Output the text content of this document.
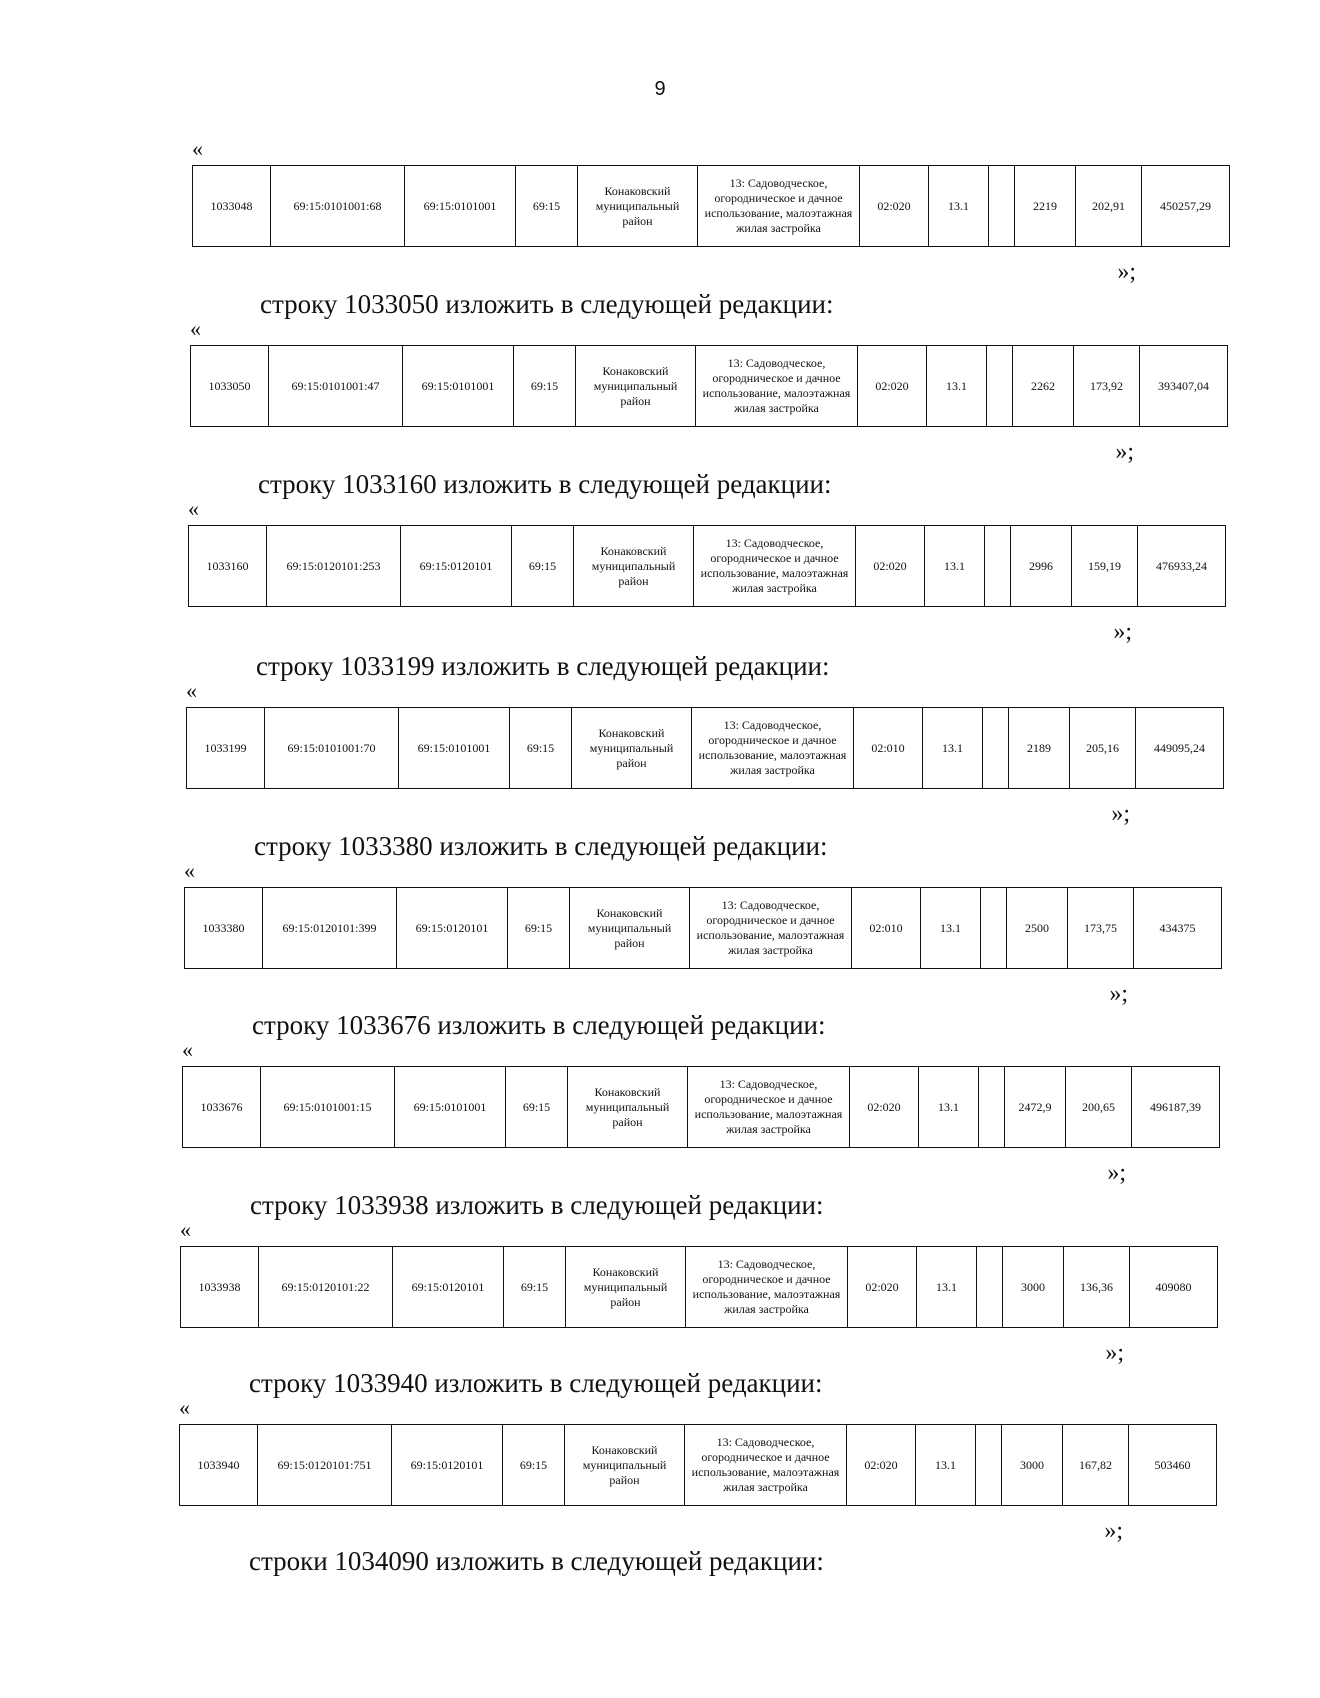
9
«
1033048	69:15:0101001:68	69:15:0101001	69:15	Конаковский муниципальный район	13: Садоводческое, огородническое и дачное использование, малоэтажная жилая застройка	02:020	13.1		2219	202,91	450257,29
»;
строку 1033050 изложить в следующей редакции:
«
1033050	69:15:0101001:47	69:15:0101001	69:15	Конаковский муниципальный район	13: Садоводческое, огородническое и дачное использование, малоэтажная жилая застройка	02:020	13.1		2262	173,92	393407,04
»;
строку 1033160 изложить в следующей редакции:
«
1033160	69:15:0120101:253	69:15:0120101	69:15	Конаковский муниципальный район	13: Садоводческое, огородническое и дачное использование, малоэтажная жилая застройка	02:020	13.1		2996	159,19	476933,24
»;
строку 1033199 изложить в следующей редакции:
«
1033199	69:15:0101001:70	69:15:0101001	69:15	Конаковский муниципальный район	13: Садоводческое, огородническое и дачное использование, малоэтажная жилая застройка	02:010	13.1		2189	205,16	449095,24
»;
строку 1033380 изложить в следующей редакции:
«
1033380	69:15:0120101:399	69:15:0120101	69:15	Конаковский муниципальный район	13: Садоводческое, огородническое и дачное использование, малоэтажная жилая застройка	02:010	13.1		2500	173,75	434375
»;
строку 1033676 изложить в следующей редакции:
«
1033676	69:15:0101001:15	69:15:0101001	69:15	Конаковский муниципальный район	13: Садоводческое, огородническое и дачное использование, малоэтажная жилая застройка	02:020	13.1		2472,9	200,65	496187,39
»;
строку 1033938 изложить в следующей редакции:
«
1033938	69:15:0120101:22	69:15:0120101	69:15	Конаковский муниципальный район	13: Садоводческое, огородническое и дачное использование, малоэтажная жилая застройка	02:020	13.1		3000	136,36	409080
»;
строку 1033940 изложить в следующей редакции:
«
1033940	69:15:0120101:751	69:15:0120101	69:15	Конаковский муниципальный район	13: Садоводческое, огородническое и дачное использование, малоэтажная жилая застройка	02:020	13.1		3000	167,82	503460
»;
строки 1034090 изложить в следующей редакции:
